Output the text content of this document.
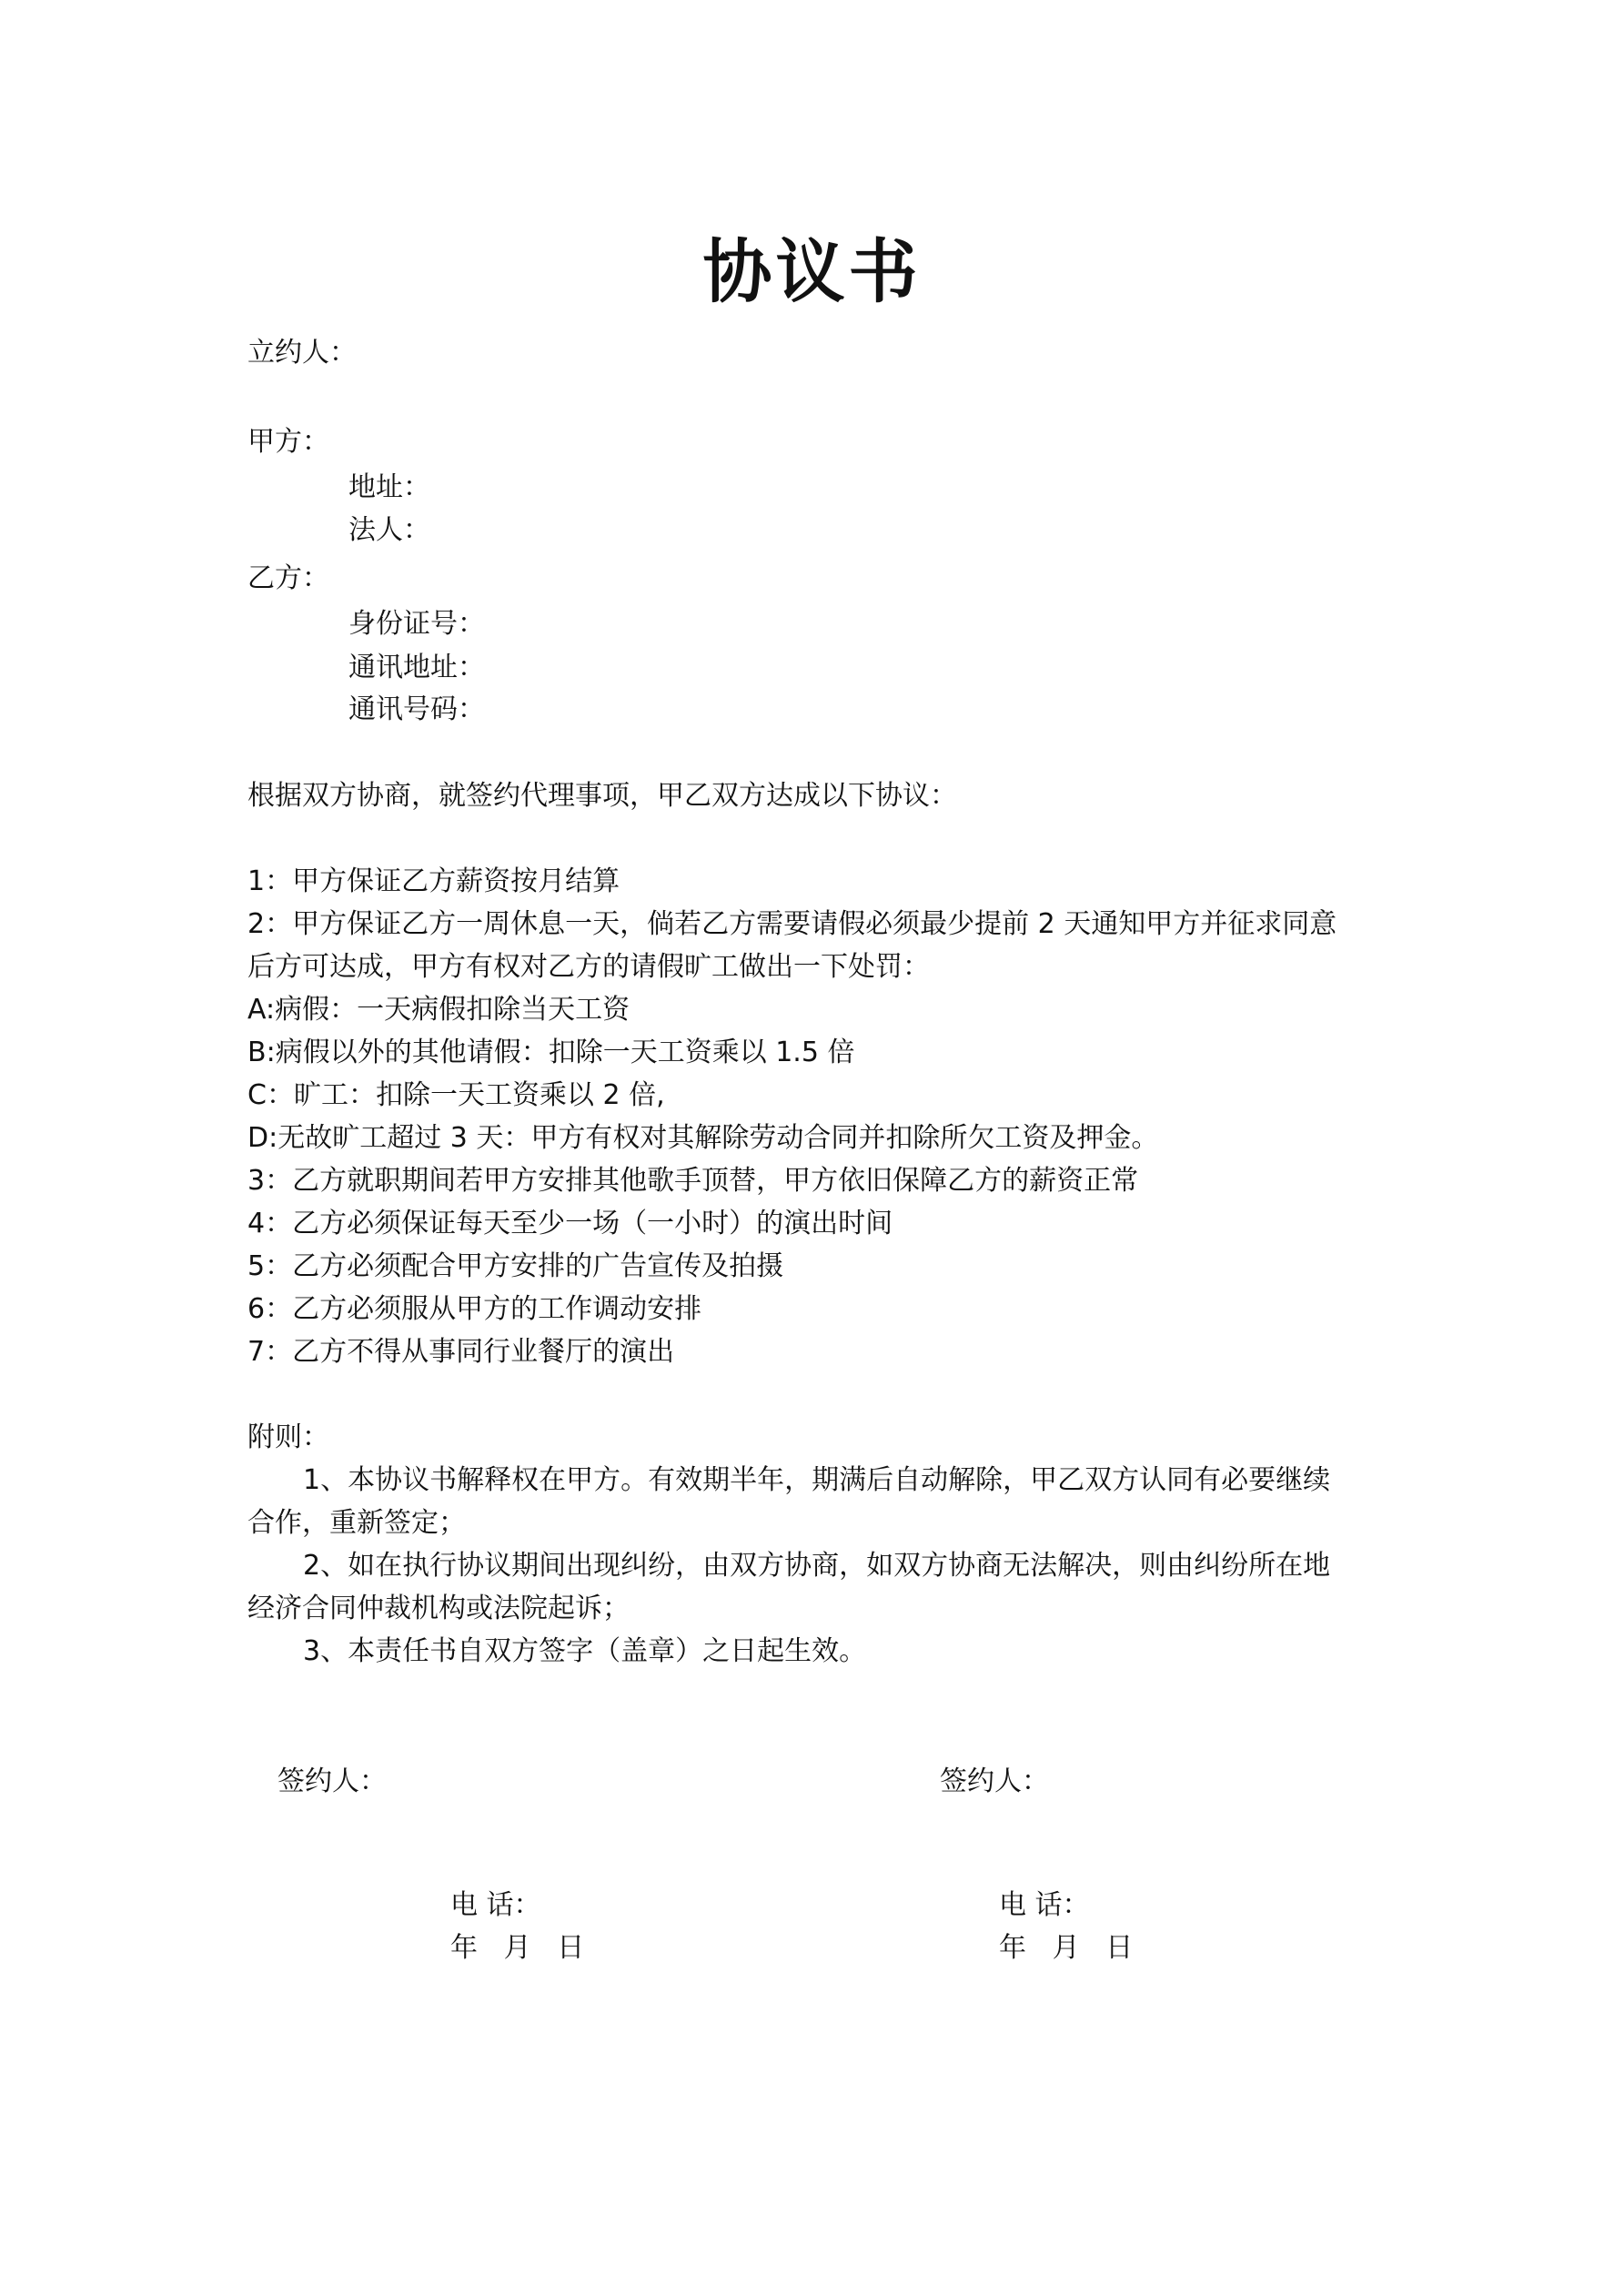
协议书
立约人：
甲方：
地址：
法人：
乙方：
身份证号：
通讯地址：
通讯号码：
根据双方协商，就签约代理事项，甲乙双方达成以下协议：
1：甲方保证乙方薪资按月结算
2：甲方保证乙方一周休息一天，倘若乙方需要请假必须最少提前 2 天通知甲方并征求同意
后方可达成，甲方有权对乙方的请假旷工做出一下处罚：
A:病假：一天病假扣除当天工资
B:病假以外的其他请假：扣除一天工资乘以 1.5 倍
C：旷工：扣除一天工资乘以 2 倍,
D:无故旷工超过 3 天：甲方有权对其解除劳动合同并扣除所欠工资及押金。
3：乙方就职期间若甲方安排其他歌手顶替，甲方依旧保障乙方的薪资正常
4：乙方必须保证每天至少一场（一小时）的演出时间
5：乙方必须配合甲方安排的广告宣传及拍摄
6：乙方必须服从甲方的工作调动安排
7：乙方不得从事同行业餐厅的演出
附则：
1、本协议书解释权在甲方。有效期半年，期满后自动解除，甲乙双方认同有必要继续
合作，重新签定；
2、如在执行协议期间出现纠纷，由双方协商，如双方协商无法解决，则由纠纷所在地
经济合同仲裁机构或法院起诉；
3、本责任书自双方签字（盖章）之日起生效。
签约人：	签约人：
电 话：	电 话：
年   月   日	年   月   日
